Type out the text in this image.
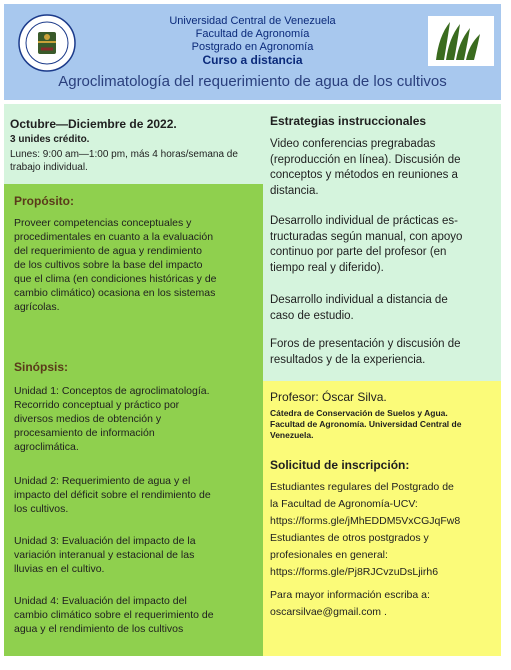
Universidad Central de Venezuela
Facultad de Agronomía
Postgrado en Agronomía
Curso a distancia
Agroclimatología del requerimiento de agua de los cultivos
Octubre—Diciembre de 2022.
3 unides crédito.
Lunes: 9:00 am—1:00 pm, más 4 horas/semana de
trabajo individual.
Propósito:
Proveer competencias conceptuales y
procedimentales en cuanto a la evaluación
del requerimiento de agua y rendimiento
de los cultivos sobre la base del impacto
que el clima (en condiciones históricas y de
cambio climático) ocasiona en los sistemas
agrícolas.
Sinópsis:
Unidad 1: Conceptos de agroclimatología.
Recorrido conceptual y práctico por
diversos medios de obtención y
procesamiento de información
agroclimática.
Unidad 2: Requerimiento de agua y el
impacto del déficit sobre el rendimiento de
los cultivos.
Unidad 3: Evaluación del impacto de la
variación interanual y estacional de las
lluvias en el cultivo.
Unidad 4: Evaluación del impacto del
cambio climático sobre el requerimiento de
agua y el rendimiento de los cultivos
Estrategias instruccionales
Video conferencias pregrabadas
(reproducción en línea). Discusión de
conceptos y métodos en reuniones a
distancia.
Desarrollo individual de prácticas es-
tructuradas según manual, con apoyo
continuo por parte del profesor (en
tiempo real y diferido).
Desarrollo individual a distancia de
caso de estudio.
Foros de presentación y discusión de
resultados y de la experiencia.
Profesor: Óscar Silva.
Cátedra de Conservación de Suelos y Agua.
Facultad de Agronomía. Universidad Central de
Venezuela.
Solicitud de inscripción:
Estudiantes regulares del Postgrado de
la Facultad de Agronomía-UCV:
https://forms.gle/jMhEDDM5VxCGJqFw8
Estudiantes de otros postgrados y
profesionales en general:
https://forms.gle/Pj8RJCvzuDsLjirh6
Para mayor información escriba a:
oscarsilvae@gmail.com .
